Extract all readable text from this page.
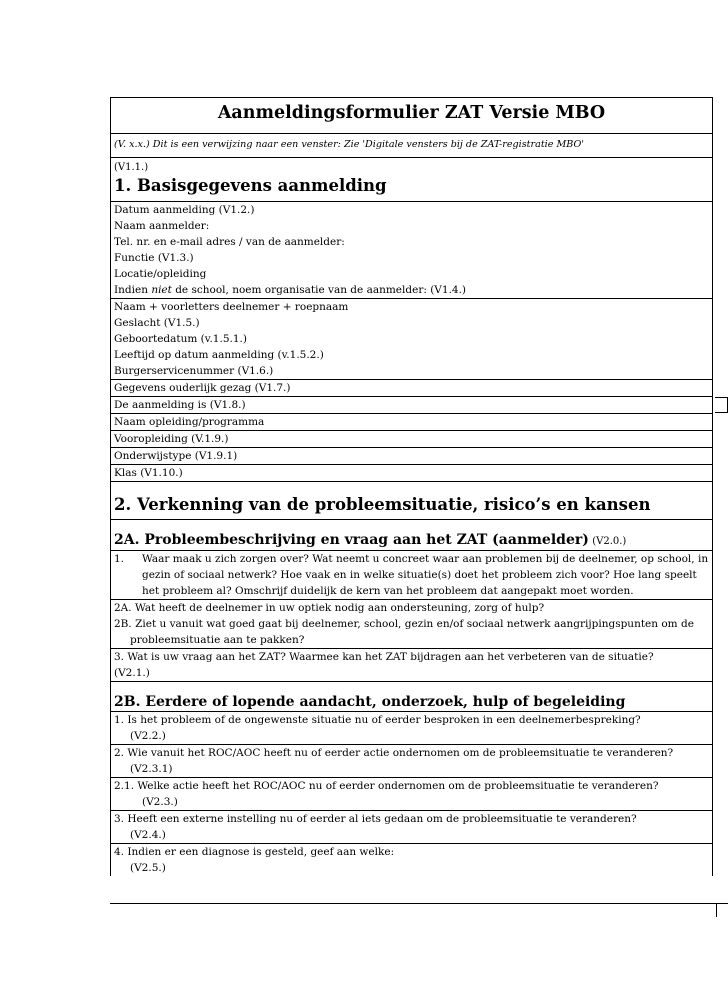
Aanmeldingsformulier ZAT Versie MBO
(V. x.x.) Dit is een verwijzing naar een venster: Zie 'Digitale vensters bij de ZAT-registratie MBO'
(V1.1.)
1. Basisgegevens aanmelding
Datum aanmelding (V1.2.)
Naam aanmelder:
Tel. nr. en e-mail adres / van de aanmelder:
Functie (V1.3.)
Locatie/opleiding
Indien niet de school, noem organisatie van de aanmelder: (V1.4.)
Naam + voorletters deelnemer + roepnaam
Geslacht (V1.5.)
Geboortedatum (v.1.5.1.)
Leeftijd op datum aanmelding (v.1.5.2.)
Burgerservicenummer (V1.6.)
Gegevens ouderlijk gezag (V1.7.)
De aanmelding is (V1.8.)
Naam opleiding/programma
Vooropleiding (V.1.9.)
Onderwijstype (V1.9.1)
Klas (V1.10.)
2. Verkenning van de probleemsituatie, risico’s en kansen
2A. Probleembeschrijving en vraag aan het ZAT (aanmelder) (V2.0.)
1.	Waar maak u zich zorgen over? Wat neemt u concreet waar aan problemen bij de deelnemer, op school, in gezin of sociaal netwerk? Hoe vaak en in welke situatie(s) doet het probleem zich voor? Hoe lang speelt het probleem al? Omschrijf duidelijk de kern van het probleem dat aangepakt moet worden.
2A. Wat heeft de deelnemer in uw optiek nodig aan ondersteuning, zorg of hulp?
2B. Ziet u vanuit wat goed gaat bij deelnemer, school, gezin en/of sociaal netwerk aangrijpingspunten om de probleemsituatie aan te pakken?
3. Wat is uw vraag aan het ZAT? Waarmee kan het ZAT bijdragen aan het verbeteren van de situatie?
(V2.1.)
2B. Eerdere of lopende aandacht, onderzoek, hulp of begeleiding
1. Is het probleem of de ongewenste situatie nu of eerder besproken in een deelnemerbespreking?
(V2.2.)
2. Wie vanuit het ROC/AOC heeft nu of eerder actie ondernomen om de probleemsituatie te veranderen?
(V2.3.1)
2.1. Welke actie heeft het ROC/AOC nu of eerder ondernomen om de probleemsituatie te veranderen?
(V2.3.)
3. Heeft een externe instelling nu of eerder al iets gedaan om de probleemsituatie te veranderen?
(V2.4.)
4. Indien er een diagnose is gesteld, geef aan welke:
(V2.5.)
